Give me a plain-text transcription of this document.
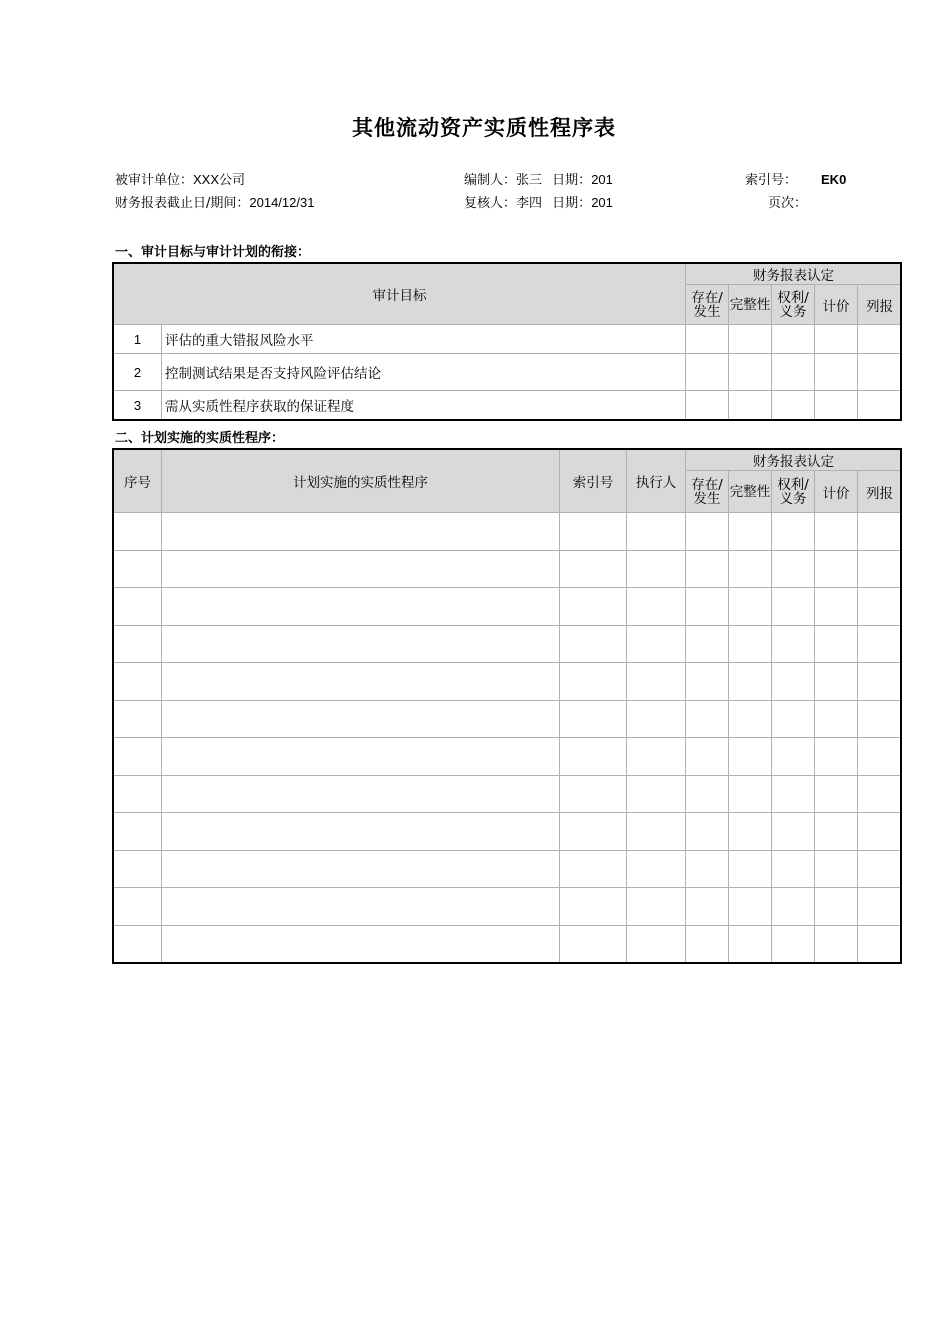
其他流动资产实质性程序表
被审计单位：XXX公司
财务报表截止日/期间：2014/12/31
编制人：张三 日期：201
复核人：李四 日期：201
索引号： EK0
页次：
一、审计目标与审计计划的衔接：
审计目标		财务报表认定				
		存在/发生	完整性	权利/义务	计价	列报
1	评估的重大错报风险水平					
2	控制测试结果是否支持风险评估结论					
3	需从实质性程序获取的保证程度					
二、计划实施的实质性程序：
序号	计划实施的实质性程序	索引号	执行人	财务报表认定				
				存在/发生	完整性	权利/义务	计价	列报
